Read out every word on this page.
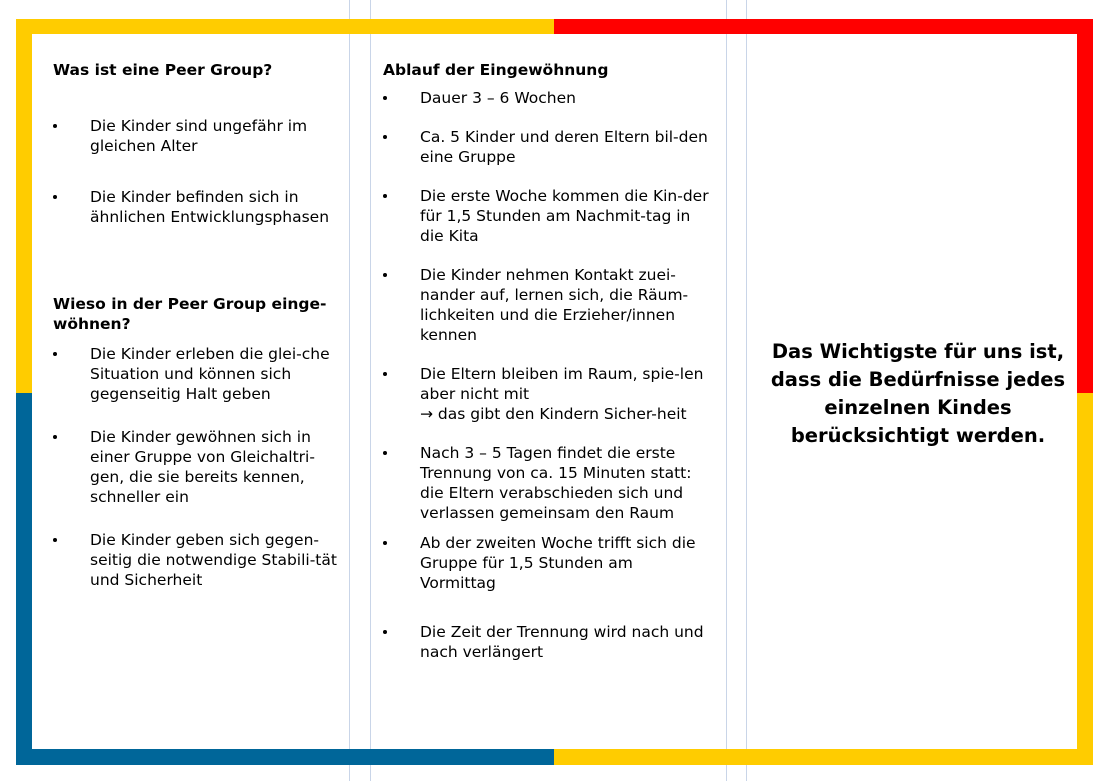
Was ist eine Peer Group?

Die Kinder sind ungefähr im gleichen Alter
Die Kinder befinden sich in ähnlichen Entwicklungsphasen

Wieso in der Peer Group einge-wöhnen?

Die Kinder erleben die glei-che Situation und können sich gegenseitig Halt geben
Die Kinder gewöhnen sich in einer Gruppe von Gleichaltri-gen, die sie bereits kennen, schneller ein
Die Kinder geben sich gegen-seitig die notwendige Stabili-tät und Sicherheit

Ablauf der Eingewöhnung

Dauer 3 – 6 Wochen
Ca. 5 Kinder und deren Eltern bil-den eine Gruppe
Die erste Woche kommen die Kin-der für 1,5 Stunden am Nachmit-tag in die Kita
Die Kinder nehmen Kontakt zuei-nander auf, lernen sich, die Räum-lichkeiten und die Erzieher/innen kennen
Die Eltern bleiben im Raum, spie-len aber nicht mit
→ das gibt den Kindern Sicher-heit
Nach 3 – 5 Tagen findet die erste Trennung von ca. 15 Minuten statt: die Eltern verabschieden sich und verlassen gemeinsam den Raum
Ab der zweiten Woche trifft sich die Gruppe für 1,5 Stunden am Vormittag
Die Zeit der Trennung wird nach und nach verlängert
Das Wichtigste für uns ist, dass die Bedürfnisse jedes einzelnen Kindes berücksichtigt werden.
